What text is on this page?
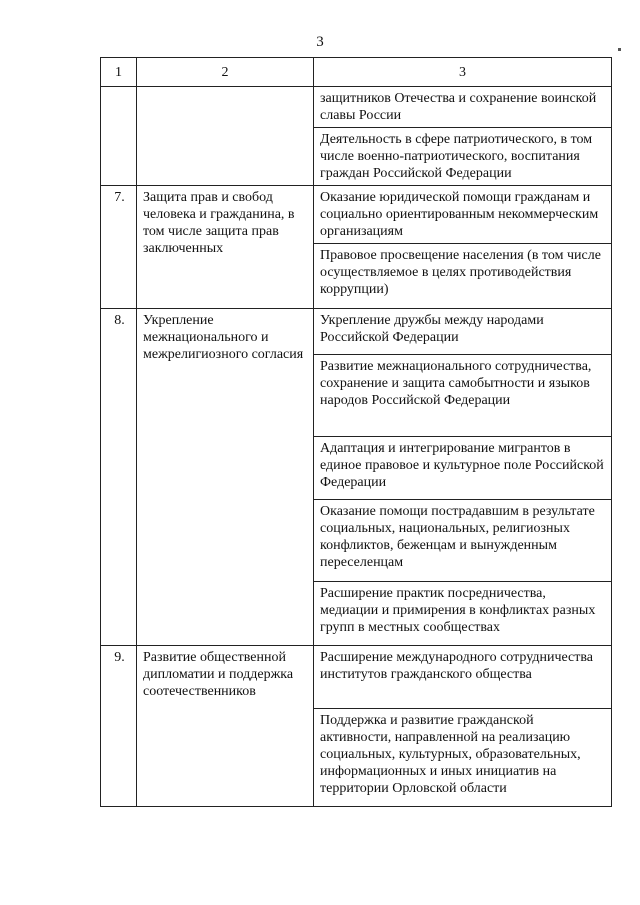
3
1	2	3
		защитников Отечества и сохранение воинской славы России
		Деятельность в сфере патриотического, в том числе военно-патриотического, воспитания граждан Российской Федерации
7.	Защита прав и свобод человека и гражданина, в том числе защита прав заключенных	Оказание юридической помощи гражданам и социально ориентированным некоммерческим организациям
		Правовое просвещение населения (в том числе осуществляемое в целях противодействия коррупции)
8.	Укрепление межнационального и межрелигиозного согласия	Укрепление дружбы между народами Российской Федерации
		Развитие межнационального сотрудничества, сохранение и защита самобытности и языков народов Российской Федерации
		Адаптация и интегрирование мигрантов в единое правовое и культурное поле Российской Федерации
		Оказание помощи пострадавшим в результате социальных, национальных, религиозных конфликтов, беженцам и вынужденным переселенцам
		Расширение практик посредничества, медиации и примирения в конфликтах разных групп в местных сообществах
9.	Развитие общественной дипломатии и поддержка соотечественников	Расширение международного сотрудничества институтов гражданского общества
		Поддержка и развитие гражданской активности, направленной на реализацию социальных, культурных, образовательных, информационных и иных инициатив на территории Орловской области
